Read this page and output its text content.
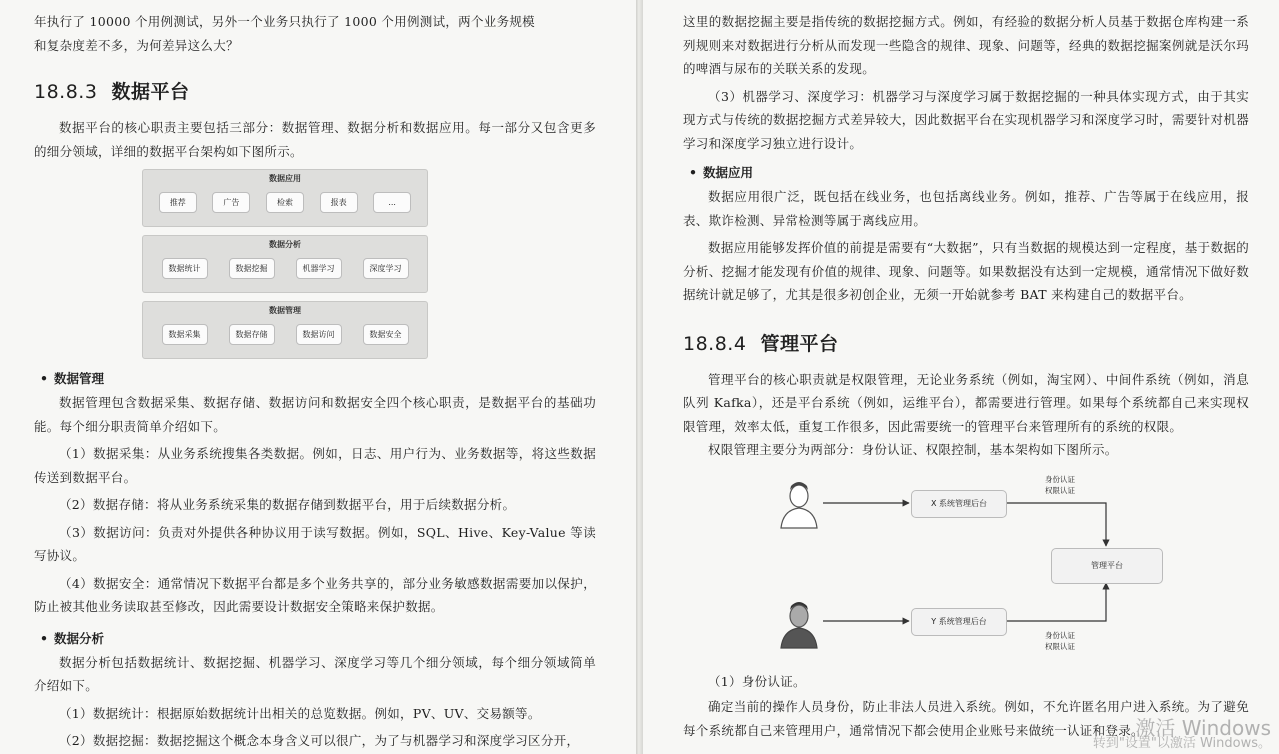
年执行了 10000 个用例测试，另外一个业务只执行了 1000 个用例测试，两个业务规模

和复杂度差不多，为何差异这么大？

18.8.3 数据平台

数据平台的核心职责主要包括三部分：数据管理、数据分析和数据应用。每一部分又包含更多的细分领域，详细的数据平台架构如下图所示。

数据应用
推荐	广告	检索	报表	...
数据分析
数据统计	数据挖掘	机器学习	深度学习
数据管理
数据采集	数据存储	数据访问	数据安全
• 数据管理

数据管理包含数据采集、数据存储、数据访问和数据安全四个核心职责，是数据平台的基础功能。每个细分职责简单介绍如下。

（1）数据采集：从业务系统搜集各类数据。例如，日志、用户行为、业务数据等，将这些数据传送到数据平台。

（2）数据存储：将从业务系统采集的数据存储到数据平台，用于后续数据分析。

（3）数据访问：负责对外提供各种协议用于读写数据。例如，SQL、Hive、Key-Value 等读写协议。

（4）数据安全：通常情况下数据平台都是多个业务共享的，部分业务敏感数据需要加以保护，防止被其他业务读取甚至修改，因此需要设计数据安全策略来保护数据。

• 数据分析

数据分析包括数据统计、数据挖掘、机器学习、深度学习等几个细分领域，每个细分领域简单介绍如下。

（1）数据统计：根据原始数据统计出相关的总览数据。例如，PV、UV、交易额等。

（2）数据挖掘：数据挖掘这个概念本身含义可以很广，为了与机器学习和深度学习区分开，

这里的数据挖掘主要是指传统的数据挖掘方式。例如，有经验的数据分析人员基于数据仓库构建一系列规则来对数据进行分析从而发现一些隐含的规律、现象、问题等，经典的数据挖掘案例就是沃尔玛的啤酒与尿布的关联关系的发现。

（3）机器学习、深度学习：机器学习与深度学习属于数据挖掘的一种具体实现方式，由于其实现方式与传统的数据挖掘方式差异较大，因此数据平台在实现机器学习和深度学习时，需要针对机器学习和深度学习独立进行设计。

• 数据应用

数据应用很广泛，既包括在线业务，也包括离线业务。例如，推荐、广告等属于在线应用，报表、欺诈检测、异常检测等属于离线应用。

数据应用能够发挥价值的前提是需要有“大数据”，只有当数据的规模达到一定程度，基于数据的分析、挖掘才能发现有价值的规律、现象、问题等。如果数据没有达到一定规模，通常情况下做好数据统计就足够了，尤其是很多初创企业，无须一开始就参考 BAT 来构建自己的数据平台。

18.8.4 管理平台

管理平台的核心职责就是权限管理，无论业务系统（例如，淘宝网）、中间件系统（例如，消息队列 Kafka），还是平台系统（例如，运维平台），都需要进行管理。如果每个系统都自己来实现权限管理，效率太低，重复工作很多，因此需要统一的管理平台来管理所有的系统的权限。

权限管理主要分为两部分：身份认证、权限控制，基本架构如下图所示。

X 系统管理后台
Y 系统管理后台
管理平台
身份认证
权限认证
身份认证
权限认证

（1）身份认证。

确定当前的操作人员身份，防止非法人员进入系统。例如，不允许匿名用户进入系统。为了避免每个系统都自己来管理用户，通常情况下都会使用企业账号来做统一认证和登录。

激活 Windows
转到"设置"以激活 Windows。
